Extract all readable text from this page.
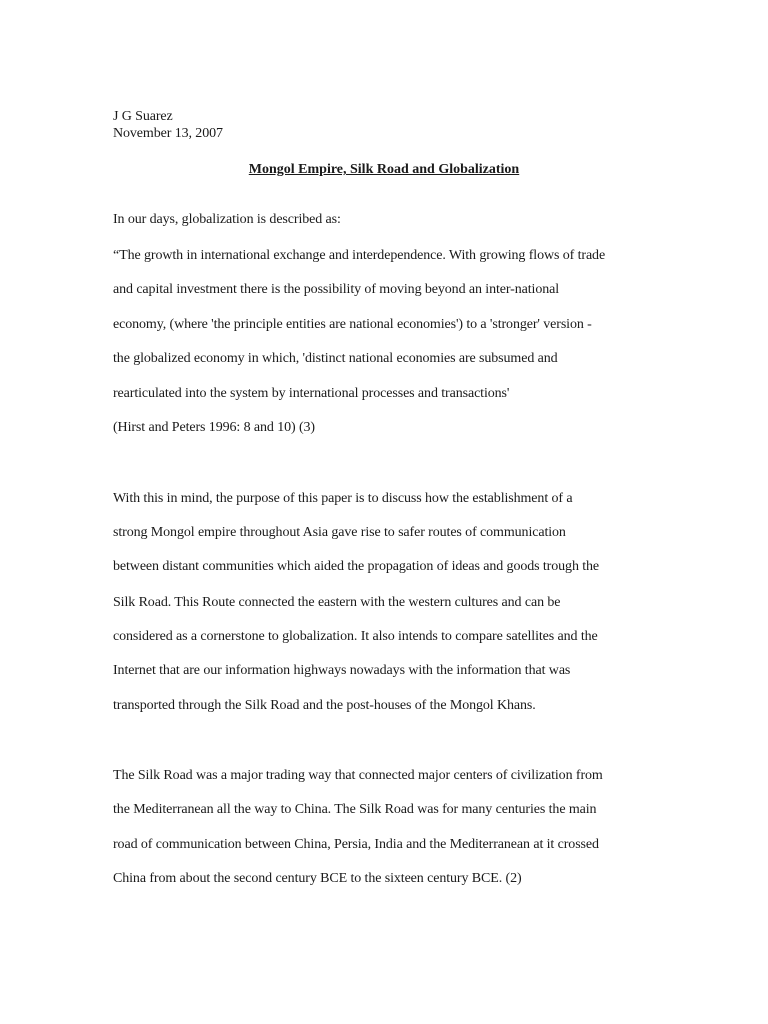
J G Suarez
November 13, 2007
Mongol Empire, Silk Road and Globalization
In our days, globalization is described as:
“The growth in international exchange and interdependence. With growing flows of trade
and capital investment there is the possibility of moving beyond an inter-national
economy, (where 'the principle entities are national economies') to a 'stronger' version -
the globalized economy in which, 'distinct national economies are subsumed and
rearticulated into the system by international processes and transactions'
(Hirst and Peters 1996: 8 and 10) (3)
With this in mind, the purpose of this paper is to discuss how the establishment of a
strong Mongol empire throughout Asia gave rise to safer routes of communication
between distant communities which aided the propagation of ideas and goods trough the
Silk Road. This Route connected the eastern with the western cultures and can be
considered as a cornerstone to globalization. It also intends to compare satellites and the
Internet that are our information highways nowadays with the information that was
transported through the Silk Road and the post-houses of the Mongol Khans.
The Silk Road was a major trading way that connected major centers of civilization from
the Mediterranean all the way to China. The Silk Road was for many centuries the main
road of communication between China, Persia, India and the Mediterranean at it crossed
China from about the second century BCE to the sixteen century BCE. (2)
